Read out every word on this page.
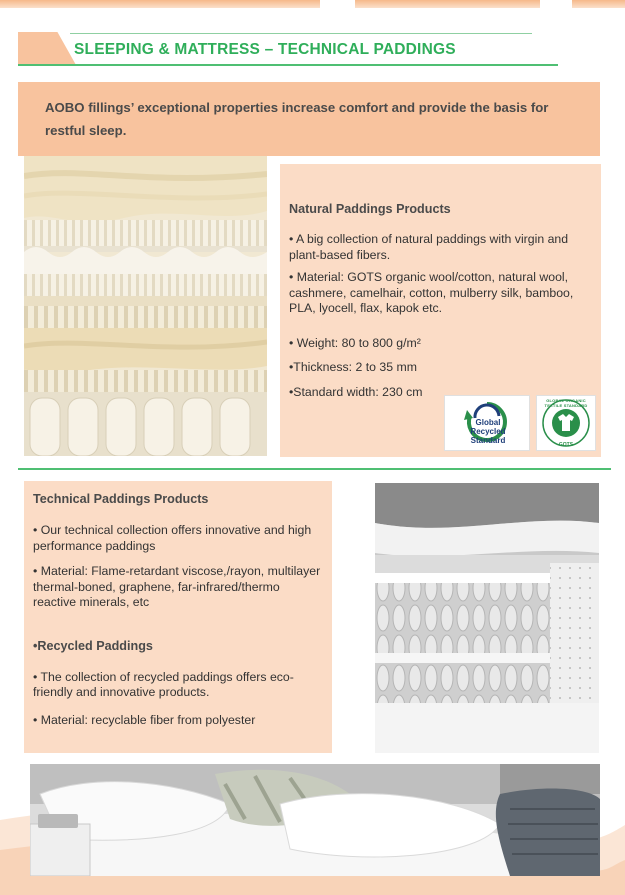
SLEEPING & MATTRESS – TECHNICAL PADDINGS

AOBO fillings’ exceptional properties increase comfort and provide the basis for restful sleep.

Natural Paddings Products
• A big collection of natural paddings with virgin and plant-based fibers.
• Material: GOTS organic wool/cotton, natural wool, cashmere, camelhair, cotton, mulberry silk, bamboo, PLA, lyocell, flax, kapok etc.
• Weight: 80 to 800 g/m²
•Thickness: 2 to 35 mm
•Standard width: 230 cm
Global Recycled
Standard
GLOBAL ORGANIC TEXTILE STANDARD
GOTS
Technical Paddings Products
• Our technical collection offers innovative and high performance paddings
• Material: Flame-retardant viscose,/rayon, multilayer thermal-boned, graphene, far-infrared/thermo reactive minerals, etc
•Recycled Paddings
• The collection of recycled paddings offers eco-friendly and innovative products.
• Material: recyclable fiber from polyester
